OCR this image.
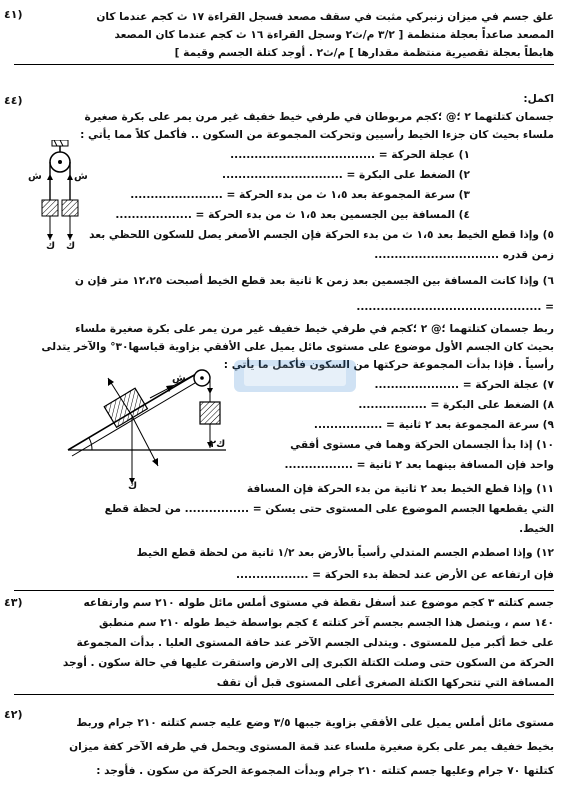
٤١)	علق جسم في ميزان زنبركي مثبت في سقف مصعد فسجل القراءة ١٧ ث كجم عندما كان
المصعد صاعداً بعجلة منتظمة [ ٣/٢ م/ث٢ وسجل القراءة ١٦ ث كجم عندما كان المصعد
هابطاً بعجلة تقصيرية منتظمة مقدارها ] م/ث٢ . أوجد كتلة الجسم وقيمة ]
٤٤)	اكمل:
جسمان كتلتهما ٢ ؛@ ؛كجم مربوطان في طرفي خيط خفيف غير مرن يمر على بكرة صغيرة
ملساء بحيث كان جزءا الخيط رأسيين وتحركت المجموعة من السكون .. فأكمل كلاً مما يأتي :
١) عجلة الحركة = ....................................
٢) الضغط على البكرة = ..............................
٣) سرعة المجموعة بعد ١،٥ ث من بدء الحركة = .......................
٤) المسافة بين الجسمين بعد ١،٥ ث من بدء الحركة = ...................
٥) وإذا قطع الخيط بعد ١،٥ ث من بدء الحركة فإن الجسم الأصغر يصل للسكون اللحظي بعد
زمن قدره ...............................
٦) وإذا كانت المسافة بين الجسمين بعد زمن k ثانية بعد قطع الخيط أصبحت ١٢،٢٥ متر فإن ن
= ..............................................
ش	ش
ك ك
ربط جسمان كتلتهما ؛@ ٢ ؛كجم في طرفي خيط خفيف غير مرن يمر على بكرة صغيرة ملساء
بحيث كان الجسم الأول موضوع على مستوى مائل يميل على الأفقي بزاوية قياسها٣٠° والآخر يتدلى
رأسياً . فإذا بدأت المجموعة حركتها من السكون فأكمل ما يأتي :
٧) عجلة الحركة = .....................
٨) الضغط على البكرة = .................
٩) سرعة المجموعة بعد ٢ ثانية = .................
١٠) إذا بدأ الجسمان الحركة وهما في مستوى أفقي
واحد فإن المسافة بينهما بعد ٢ ثانية = .................
١١) وإذا قطع الخيط بعد ٢ ثانية من بدء الحركة فإن المسافة
التي يقطعها الجسم الموضوع على المستوى حتى يسكن = ................ من لحظة قطع
الخيط.
١٢) وإذا اصطدم الجسم المتدلي رأسياً بالأرض بعد ١/٢ ثانية من لحظة قطع الخيط
فإن ارتفاعه عن الأرض عند لحظة بدء الحركة = ..................
ش
ك٢
ك
٤٣)	جسم كتلته ٣ كجم موضوع عند أسفل نقطة في مستوى أملس مائل طوله ٢١٠ سم وارتفاعه
١٤٠ سم ، ويتصل هذا الجسم بجسم آخر كتلته ٤ كجم بواسطة خيط طوله ٢١٠ سم منطبق
على خط أكبر ميل للمستوى . ويتدلى الجسم الآخر عند حافة المستوى العليا . بدأت المجموعة
الحركة من السكون حتى وصلت الكتلة الكبرى إلى الارض واستقرت عليها في حالة سكون . أوجد
المسافة التي تتحركها الكتلة الصغرى أعلى المستوى قبل أن تقف
٤٢)
مستوى مائل أملس يميل على الأفقي بزاوية جيبها ٣/٥ وضع عليه جسم كتلته ٢١٠ جرام وربط
بخيط خفيف يمر على بكرة صغيرة ملساء عند قمة المستوى ويحمل في طرفه الآخر كفة ميزان
كتلتها ٧٠ جرام وعليها جسم كتلته ٢١٠ جرام وبدأت المجموعة الحركة من سكون . فأوجد :
